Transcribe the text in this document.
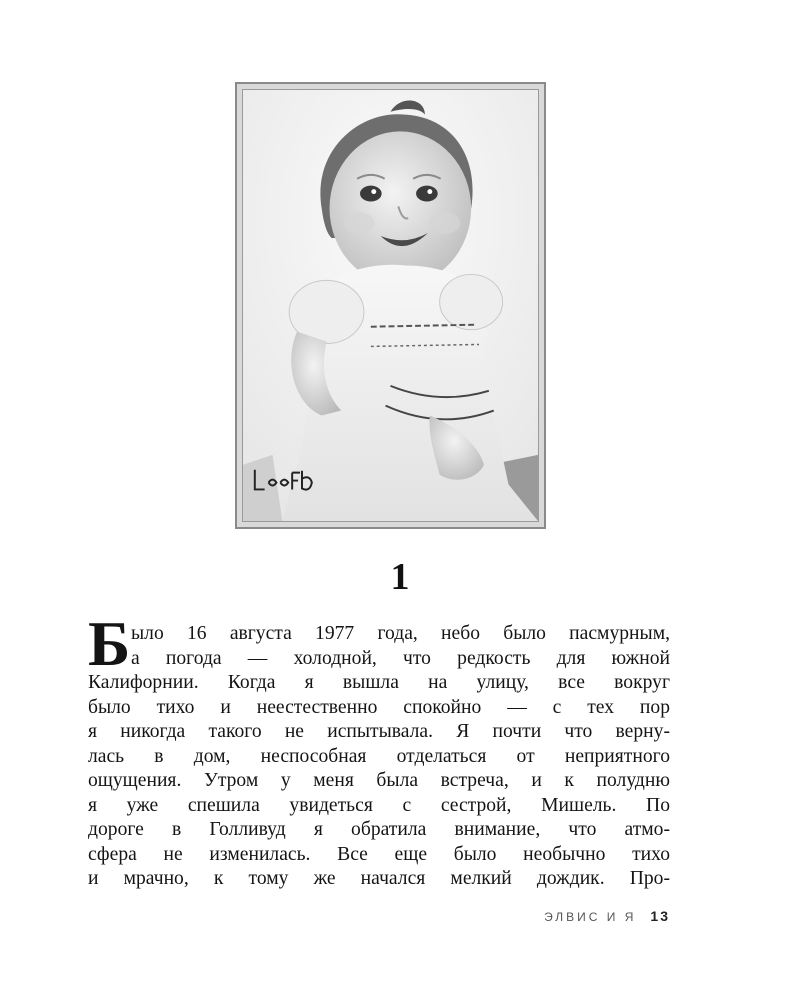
1
Б ыло 16 августа 1977 года, небо было пасмурным,
а погода — холодной, что редкость для южной
Калифорнии. Когда я вышла на улицу, все вокруг
было тихо и неестественно спокойно — с тех пор
я никогда такого не испытывала. Я почти что верну-
лась в дом, неспособная отделаться от неприятного
ощущения. Утром у меня была встреча, и к полудню
я уже спешила увидеться с сестрой, Мишель. По
дороге в Голливуд я обратила внимание, что атмо-
сфера не изменилась. Все еще было необычно тихо
и мрачно, к тому же начался мелкий дождик. Про-
ЭЛВИС И Я 13
